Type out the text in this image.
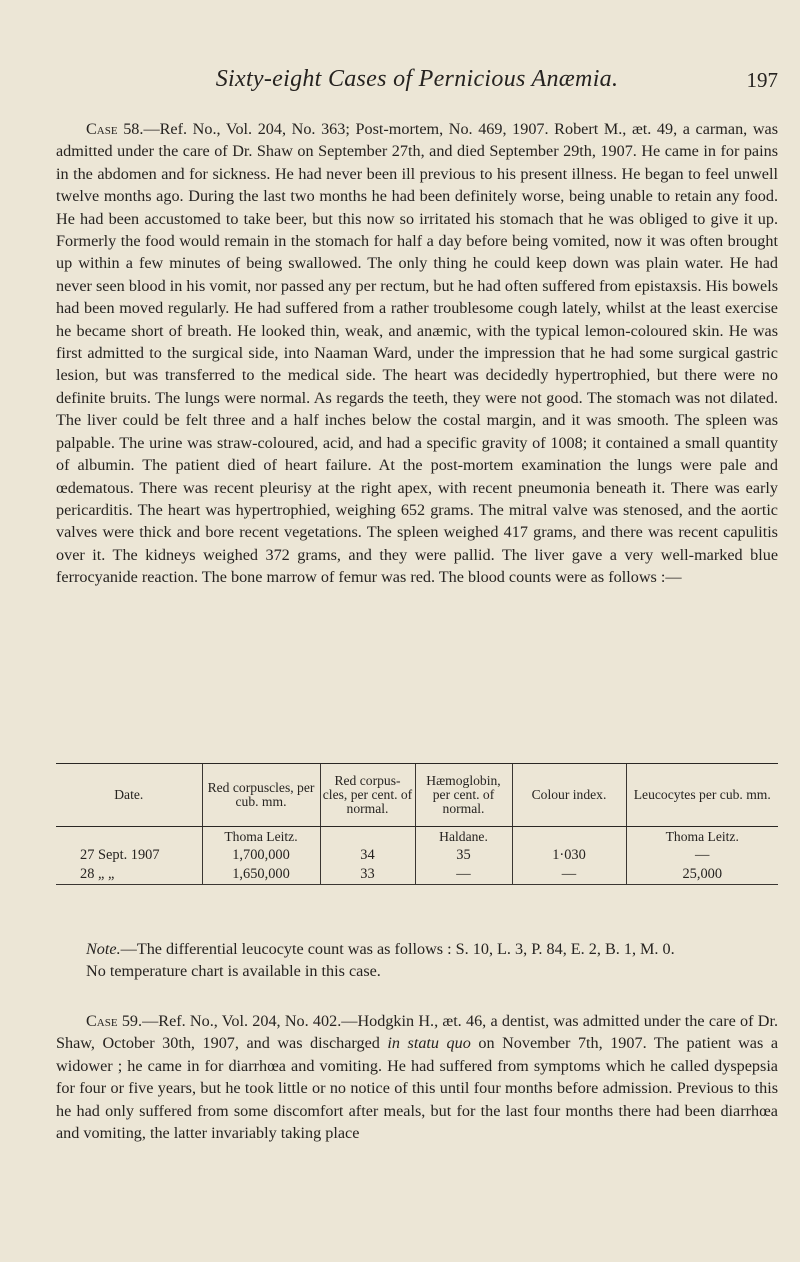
Sixty-eight Cases of Pernicious Anæmia.	197

Case 58.—Ref. No., Vol. 204, No. 363; Post-mortem, No. 469, 1907. Robert M., æt. 49, a carman, was admitted under the care of Dr. Shaw on September 27th, and died September 29th, 1907. He came in for pains in the abdomen and for sickness. He had never been ill previous to his present illness. He began to feel unwell twelve months ago. During the last two months he had been definitely worse, being unable to retain any food. He had been accustomed to take beer, but this now so irritated his stomach that he was obliged to give it up. Formerly the food would remain in the stomach for half a day before being vomited, now it was often brought up within a few minutes of being swallowed. The only thing he could keep down was plain water. He had never seen blood in his vomit, nor passed any per rectum, but he had often suffered from epistaxsis. His bowels had been moved regularly. He had suffered from a rather troublesome cough lately, whilst at the least exercise he became short of breath. He looked thin, weak, and anæmic, with the typical lemon-coloured skin. He was first admitted to the surgical side, into Naaman Ward, under the impression that he had some surgical gastric lesion, but was transferred to the medical side. The heart was decidedly hypertrophied, but there were no definite bruits. The lungs were normal. As regards the teeth, they were not good. The stomach was not dilated. The liver could be felt three and a half inches below the costal margin, and it was smooth. The spleen was palpable. The urine was straw-coloured, acid, and had a specific gravity of 1008; it contained a small quantity of albumin. The patient died of heart failure. At the post-mortem examination the lungs were pale and œdematous. There was recent pleurisy at the right apex, with recent pneumonia beneath it. There was early pericarditis. The heart was hypertrophied, weighing 652 grams. The mitral valve was stenosed, and the aortic valves were thick and bore recent vegetations. The spleen weighed 417 grams, and there was recent capulitis over it. The kidneys weighed 372 grams, and they were pallid. The liver gave a very well-marked blue ferrocyanide reaction. The bone marrow of femur was red. The blood counts were as follows :—

Date.	Red corpuscles, per cub. mm.	Red corpus-cles, per cent. of normal.	Hæmoglobin, per cent. of normal.	Colour index.	Leucocytes per cub. mm.
	Thoma Leitz.		Haldane.		Thoma Leitz.
27 Sept. 1907	1,700,000	34	35	1·030	—
28 „ „	1,650,000	33	—	—	25,000

Note.—The differential leucocyte count was as follows : S. 10, L. 3, P. 84, E. 2, B. 1, M. 0.

No temperature chart is available in this case.

Case 59.—Ref. No., Vol. 204, No. 402.—Hodgkin H., æt. 46, a dentist, was admitted under the care of Dr. Shaw, October 30th, 1907, and was discharged in statu quo on November 7th, 1907. The patient was a widower ; he came in for diarrhœa and vomiting. He had suffered from symptoms which he called dyspepsia for four or five years, but he took little or no notice of this until four months before admission. Previous to this he had only suffered from some discomfort after meals, but for the last four months there had been diarrhœa and vomiting, the latter invariably taking place
